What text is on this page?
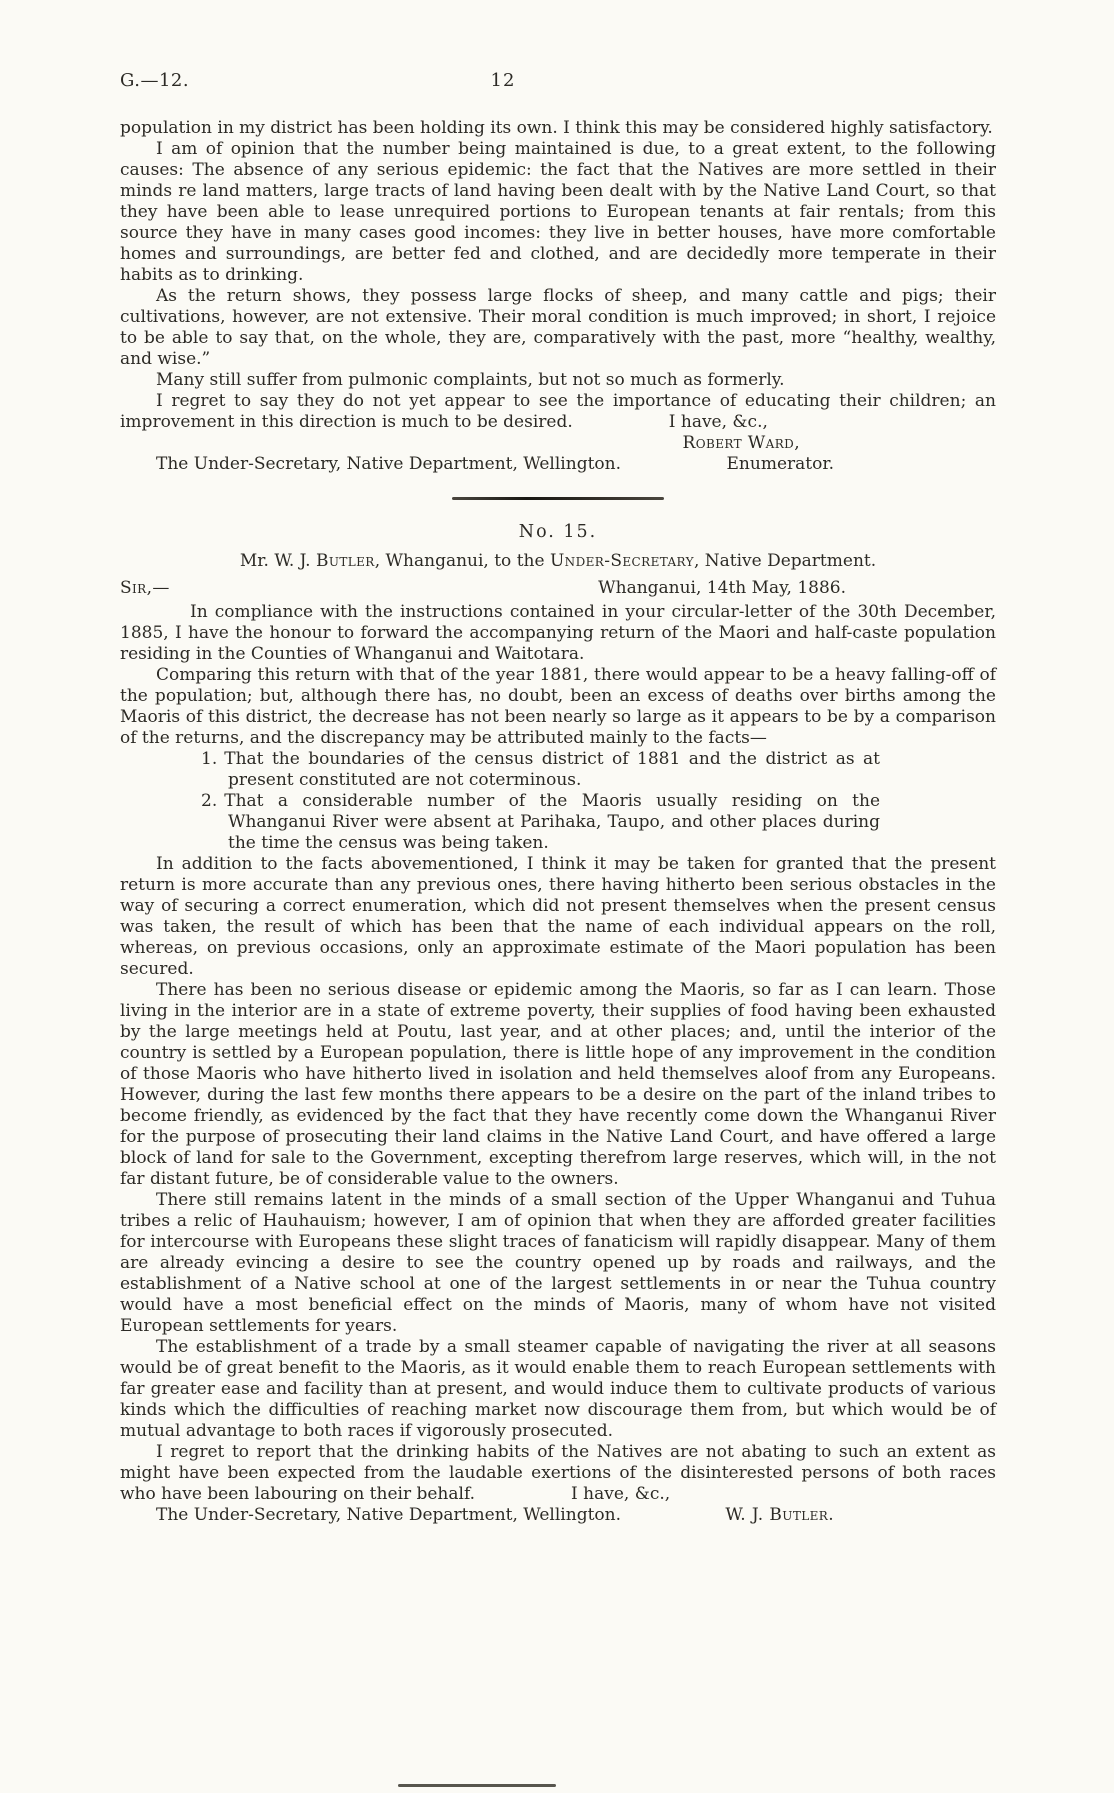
G.—12.	12

population in my district has been holding its own. I think this may be considered highly satisfactory.

I am of opinion that the number being maintained is due, to a great extent, to the following causes: The absence of any serious epidemic: the fact that the Natives are more settled in their minds re land matters, large tracts of land having been dealt with by the Native Land Court, so that they have been able to lease unrequired portions to European tenants at fair rentals; from this source they have in many cases good incomes: they live in better houses, have more comfortable homes and surroundings, are better fed and clothed, and are decidedly more temperate in their habits as to drinking.

As the return shows, they possess large flocks of sheep, and many cattle and pigs; their cultivations, however, are not extensive. Their moral condition is much improved; in short, I rejoice to be able to say that, on the whole, they are, comparatively with the past, more “healthy, wealthy, and wise.”

Many still suffer from pulmonic complaints, but not so much as formerly.

I regret to say they do not yet appear to see the importance of educating their children; an improvement in this direction is much to be desired.	I have, &c.,

Robert Ward,
The Under-Secretary, Native Department, Wellington.	Enumerator.
No. 15.

Mr. W. J. Butler, Whanganui, to the Under-Secretary, Native Department.

Sir,—	Whanganui, 14th May, 1886.

In compliance with the instructions contained in your circular-letter of the 30th December, 1885, I have the honour to forward the accompanying return of the Maori and half-caste population residing in the Counties of Whanganui and Waitotara.

Comparing this return with that of the year 1881, there would appear to be a heavy falling-off of the population; but, although there has, no doubt, been an excess of deaths over births among the Maoris of this district, the decrease has not been nearly so large as it appears to be by a comparison of the returns, and the discrepancy may be attributed mainly to the facts—

1. That the boundaries of the census district of 1881 and the district as at present constituted are not coterminous.

2. That a considerable number of the Maoris usually residing on the Whanganui River were absent at Parihaka, Taupo, and other places during the time the census was being taken.

In addition to the facts abovementioned, I think it may be taken for granted that the present return is more accurate than any previous ones, there having hitherto been serious obstacles in the way of securing a correct enumeration, which did not present themselves when the present census was taken, the result of which has been that the name of each individual appears on the roll, whereas, on previous occasions, only an approximate estimate of the Maori population has been secured.

There has been no serious disease or epidemic among the Maoris, so far as I can learn. Those living in the interior are in a state of extreme poverty, their supplies of food having been exhausted by the large meetings held at Poutu, last year, and at other places; and, until the interior of the country is settled by a European population, there is little hope of any improvement in the condition of those Maoris who have hitherto lived in isolation and held themselves aloof from any Europeans. However, during the last few months there appears to be a desire on the part of the inland tribes to become friendly, as evidenced by the fact that they have recently come down the Whanganui River for the purpose of prosecuting their land claims in the Native Land Court, and have offered a large block of land for sale to the Government, excepting therefrom large reserves, which will, in the not far distant future, be of considerable value to the owners.

There still remains latent in the minds of a small section of the Upper Whanganui and Tuhua tribes a relic of Hauhauism; however, I am of opinion that when they are afforded greater facilities for intercourse with Europeans these slight traces of fanaticism will rapidly disappear. Many of them are already evincing a desire to see the country opened up by roads and railways, and the establishment of a Native school at one of the largest settlements in or near the Tuhua country would have a most beneficial effect on the minds of Maoris, many of whom have not visited European settlements for years.

The establishment of a trade by a small steamer capable of navigating the river at all seasons would be of great benefit to the Maoris, as it would enable them to reach European settlements with far greater ease and facility than at present, and would induce them to cultivate products of various kinds which the difficulties of reaching market now discourage them from, but which would be of mutual advantage to both races if vigorously prosecuted.

I regret to report that the drinking habits of the Natives are not abating to such an extent as might have been expected from the laudable exertions of the disinterested persons of both races who have been labouring on their behalf.	I have, &c.,

The Under-Secretary, Native Department, Wellington.	W. J. Butler.
